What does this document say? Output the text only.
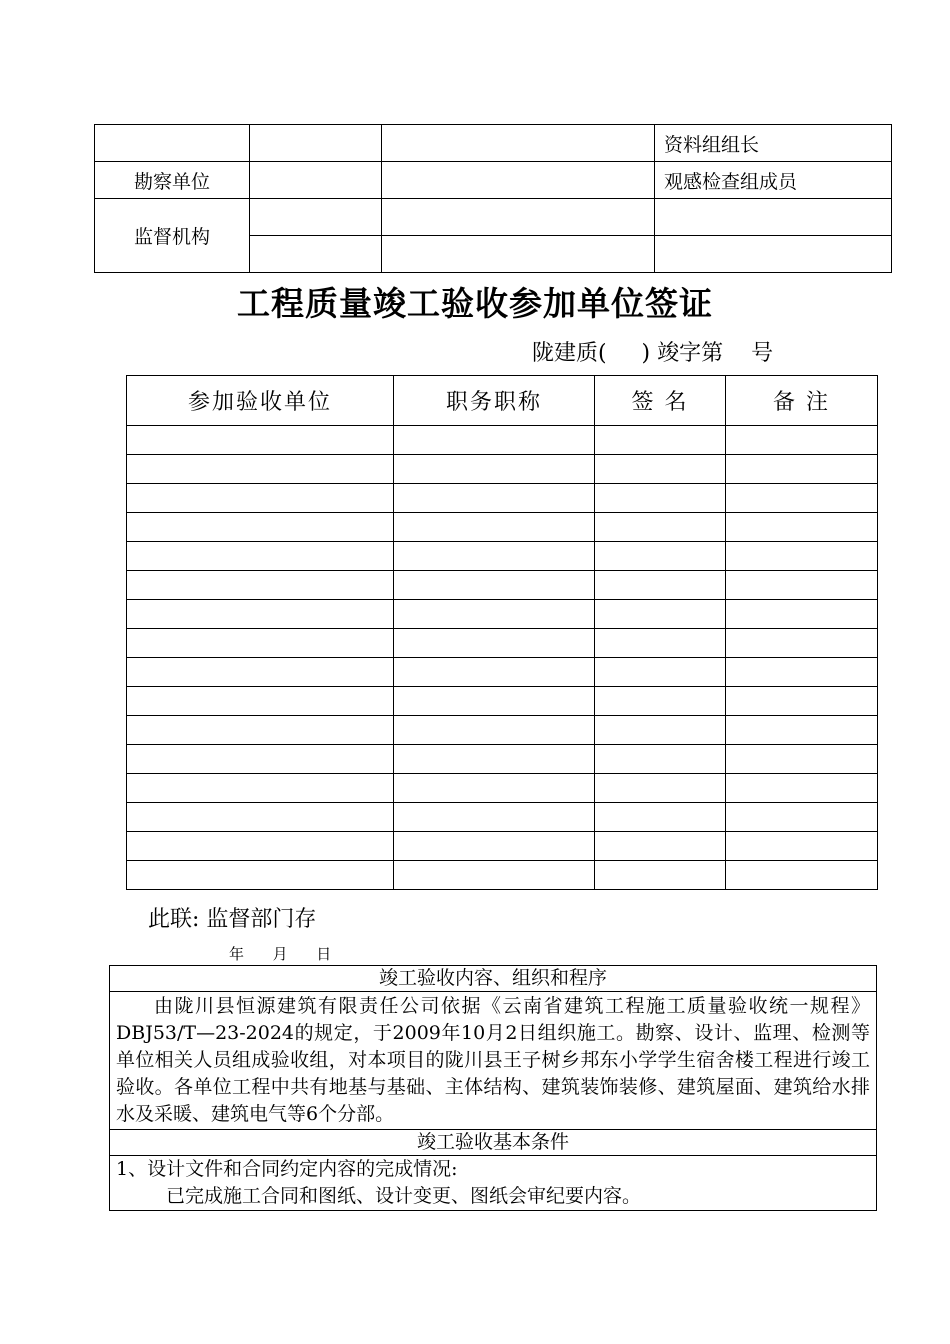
			资料组组长
勘察单位			观感检查组成员
监督机构			

工程质量竣工验收参加单位签证
陇建质(     ) 竣字第    号
参加验收单位	职务职称	签 名	备 注

此联: 监督部门存
年      月      日
竣工验收内容、组织和程序
由陇川县恒源建筑有限责任公司依据《云南省建筑工程施工质量验收统一规程》DBJ53/T—23-2024的规定，于2009年10月2日组织施工。勘察、设计、监理、检测等单位相关人员组成验收组，对本项目的陇川县王子树乡邦东小学学生宿舍楼工程进行竣工验收。各单位工程中共有地基与基础、主体结构、建筑装饰装修、建筑屋面、建筑给水排水及采暖、建筑电气等6个分部。
竣工验收基本条件

1、设计文件和合同约定内容的完成情况:
已完成施工合同和图纸、设计变更、图纸会审纪要内容。
